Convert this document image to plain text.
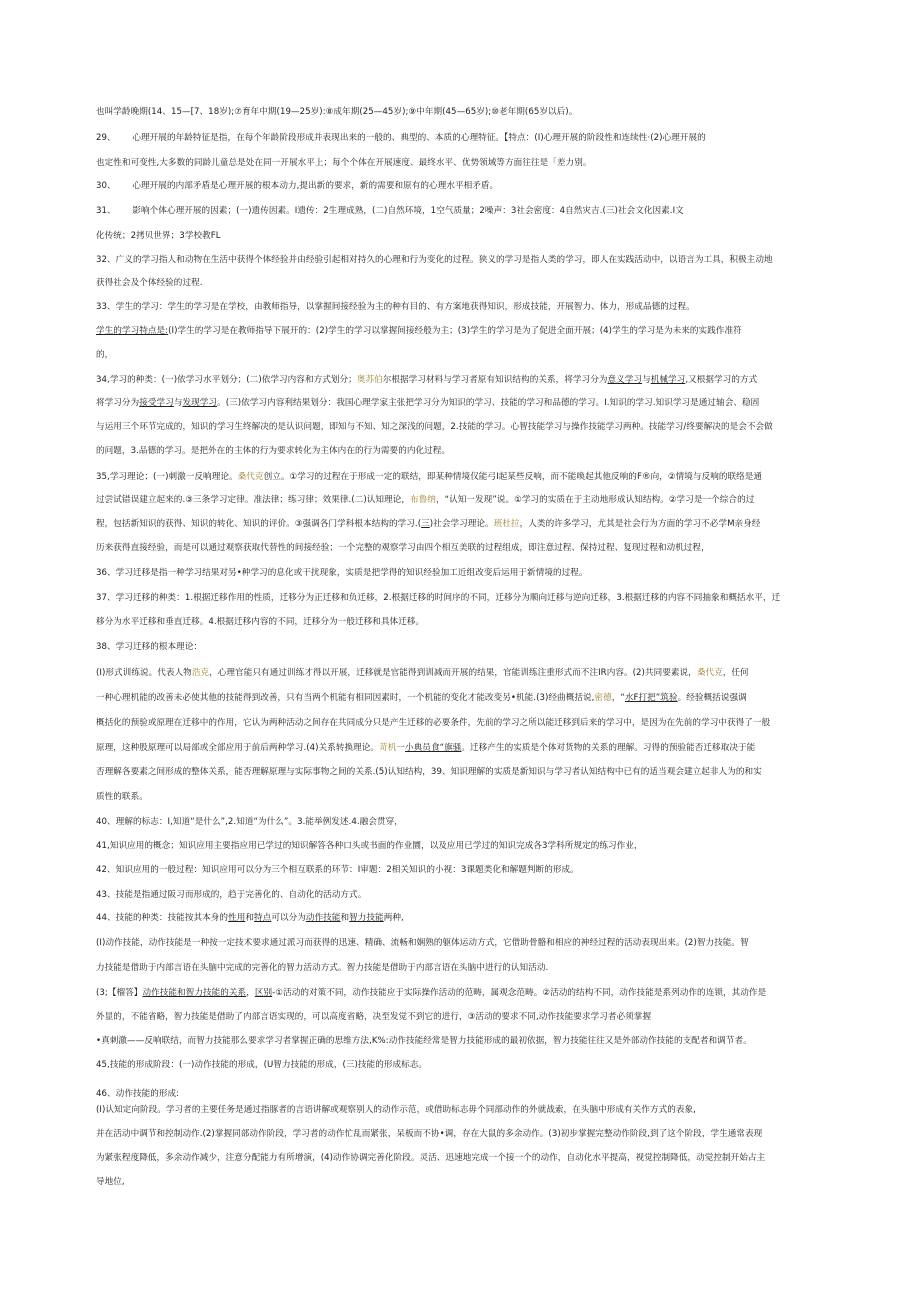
也叫学龄晚期(14、15—[7、18岁);⑦育年中期(19—25岁):⑧成年期(25—45岁);⑨中年期(45—65岁);⑩老年期(65岁以后)。
29、      心理开展的年龄特征是指，在每个年龄阶段形成并表现出来的一般的、典型的、本质的心理特征。【特点：(I)心理开展的阶段性和连续性·(2)心理开展的
也定性和可变性,大多数的同龄儿童总是处在同一开展水平上；每个个体在开展速度、最终水平、优势领域等方面往往是「差力别。
30、      心理开展的内部矛盾是心理开展的根本动力,提出新的要求，新的需要和原有的心理水平相矛盾。
31、      影响个体心理开展的因素；(一)遗传因素。I遗传：2生理成熟，(二)自然环境，1空气质量；2噪声：3社会密度：4自然灾吉.(三)社会文化因素.I文
化传统；2拷贝世界；3学校教FL
32、广义的学习指人和动物在生活中获得个体经验并由经验引起相对持久的心理和行为变化的过程。狭义的学习是指人类的学习，即人在实践活动中，以语言为工具，积极主动地
获得社会及个体经验的过程.
33、学生的学习：学生的学习是在学校，由教师指导，以掌握间接经验为主的种有目的、有方案地获得知识，形成技能，开展智力、体力，形成品德的过程。
学生的学习特点是:(I)学生的学习是在教师指导下展开的：(2)学生的学习以掌握间接经般为主；(3)学生的学习是为了促进全面开展；(4)学生的学习是为未来的实践作准符
的，
34,学习的种类：(一)依学习水平划分；(二)依学习内容和方式划分；奥苏伯尔根据学习材料与学习者原有知识结构的关系，将学习分为意义学习与机械学习,又根据学习的方式
将学习分为接受学习与发现学习。(三)依学习内容利结果划分：我国心理学家主张把学习分为知识的学习、技能的学习和品德的学习。I.知识的学习.知识学习是通过轴会、稳固
与运用三个环节完成的，知识的学习生终解决的是认识问题，即知与不知、知之深浅的问题，2.技能的学习。心智技能学习与操作技能学习两种。技能学习/终要解决的是会不会做
的问题，3.品德的学习。是把外在的主体的行为要求转化为主体内在的行为需要的内化过程。
35,学习理论；(一)刺激一反响理论。桑代克创立。①学习的过程在于形成一定的联结，即某种情境仅能弓I起某些反响，而不能唤起其他反响的F®向，②情境与反响的联络是通
过尝试错误建立起来的.③三条学习定律。准法律；练习律；效果律.(二)认知理论，布鲁纳，“认知一发现”说。①学习的实质在于主动地形成认知结构。②学习是一个综合的过
程，包括新知识的获得、知识的转化、知识的评价。③强调各门学科根本结构的学习.(三)社会学习理论。班杜拉，人类的许多学习，尤其是社会行为方面的学习不必学M亲身经
历来获得直接经验，而是可以通过观察获取代替性的间接经验；一个完整的观察学习由四个相互美联的过程组成，即注意过程、保持过程、复现过程和动机过程，
36、学习迁移是指一种学习结果对另•种学习的息化或干扰现象，实质是把学得的知识经验加工近组改变后运用于新情境的过程。
37、学习迁移的种类：1.根据迁移作用的性质，迁移分为正迁移和负迁移，2.根据迁移的时间序的不同，迁移分为顺向迁移与逆向迁移，3.根据迁移的内容不同抽象和概括水平，迁
移分为水平迁移和垂直迁移。4.根据迁移内容的不同，迁移分为一般迁移和具体迁移。
38、学习迁移的根本理论：
(I)形式训练说。代表人物浩克，心理官能只有通过训练才得以开展，迁移就是官能得到训减而开展的结果，官能训练注重形式而不注IR内容。(2)共同要素说，桑代克，任何
一种心理机能的改善未必使其他的技能得到改善，只有当两个机能有相同因素时，一个机能的变化才能改变另•机能.(3)经曲概括说,密德，“水F打把”筑验。经验概括说强调
概括化的预验或原理在迁移中的作用，它认为两种活动之间存在共同成分只是产生迁移的必要条件，先前的学习之所以能迁移到后来的学习中，是因为在先前的学习中获得了一般
原理，这种股原理可以局部或全部应用于前后两种学习.(4)关系转换理论。苛机一小典员食“旗骚。迁移产生的实质是个体对货物的关系的理解。习得的预验能否迁移取决于能
否理解各要素之间形成的整体关系，能否理解原理与实际事物之间的关系.(5)认知结构，39、知识理解的实质是新知识与学习者认知结构中已有的适当观会建立起非人为的和实
质性的联系。
40、理解的标志：I,知道“是什么”,2.知道“为什么”。3.能举例发述.4.融会贯穿，
41,知识应用的概念；知识应用主要指应用已学过的知识解答各种口头或书面的作业圜，以及应用已学过的知识完成各3学科所规定的练习作业，
42、知识应用的一般过程：知识应用可以分为三个相互联系的环节：I审题：2相关知识的小视：3课题类化和解题判断的形成。
43、技能是指通过阪习而形成的，趋于完善化的、自动化的活动方式。
44、技能的种类：技能按其本身的性用和特点可以分为动作技能和智力技能两种,
(I)动作技能，动作技能是一种按一定技术要求通过派习而获得的迅速、精确、流畅和娴熟的躯体运动方式，它借助骨骼和相应的神经过程的活动表现出来。(2)智力技能。智
力技能是借助于内部言语在头脑中完成的完善化的智力活动方式。智力技能是借助于内部言语在头脑中进行的认知活动.
(3;【榴答】动作技能和智力技能的关系，区别-①活动的对策不同，动作技能应于实际操作活动的范畴，属观念范畴。②活动的结构不同，动作技能是系列动作的连锁，其动作是
外显的，不能省略，智力技能是借助了内部言语实现的，可以高度省略，决至发觉不到它的进行，③活动的要求不同,动作技能要求学习者必须掌握
•真刺激——反响联结，而智力技能那么要求学习者掌握正确的思维方法,K%:动作技能经常是智力技能形成的最初依据，智力技能往往又是外部动作技能的支配者和调节者。
45,技能的形成阶段：(一)动作技能的形成，(U智力技能的形成，(三)技能的形成标志。
46、动作技能的形成:
(I)认知定向阶段。学习者的主要任务是通过指豚者的言语讲解或观察别人的动作示范，或借助标志毋个同部动作的外就战索，在头脑中形成有关作方式的表象,
并在活动中调节和控制动作.(2)掌握同部动作阶段，学习者的动作忙乱而紧张，呆板而不协•调，存在大鼠的多余动作。(3)初步掌握完整动作阶段,到了这个阶段，学生通常表现
为紧张程度降低，多余动作减少，注意分配能力有所增演，(4)动作协调完善化阶段。灵活、迅速地完成一个接一个的动作，自动化水平提高，视觉控制降低，动觉控制开始占主
导地位,
